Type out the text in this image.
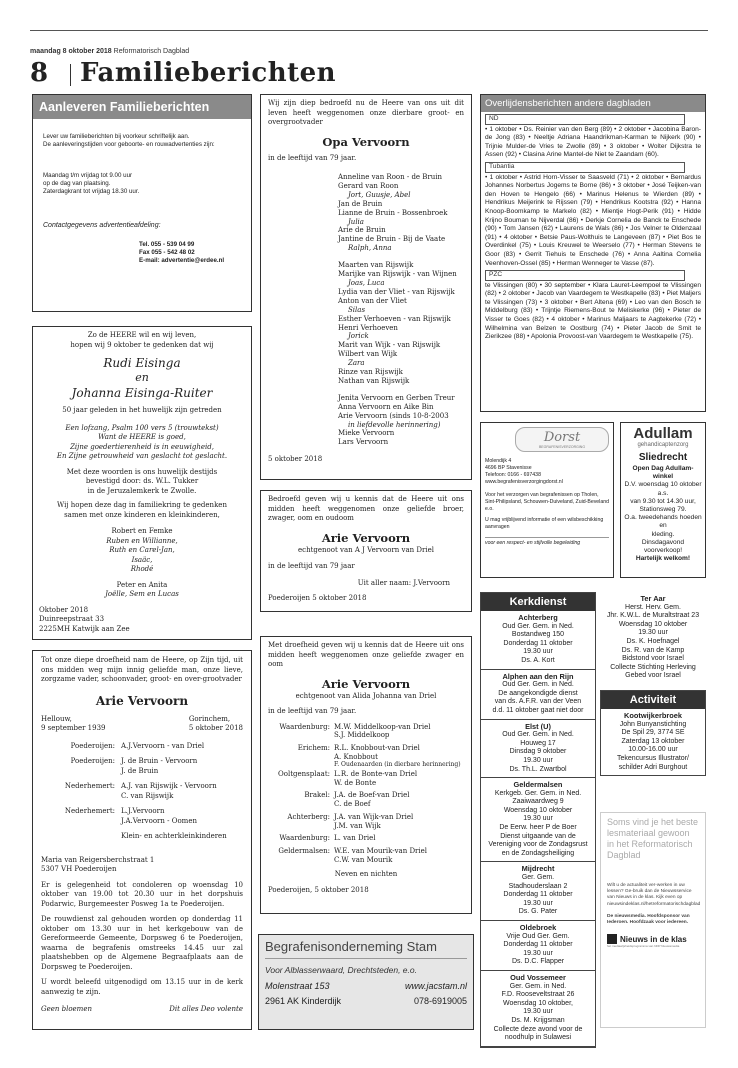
maandag 8 oktober 2018 Reformatorisch Dagblad
8 Familieberichten
Aanleveren Familieberichten
Lever uw familieberichten bij voorkeur schriftelijk aan.
De aanleveringstijden voor geboorte- en rouwadvertenties zijn:
Maandag t/m vrijdag tot 9.00 uur
op de dag van plaatsing.
Zaterdagkrant tot vrijdag 18.30 uur.
Contactgegevens advertentieafdeling:
Tel. 055 - 539 04 99
Fax 055 - 542 48 02
E-mail: advertentie@erdee.nl
Zo de HEERE wil en wij leven,
hopen wij 9 oktober te gedenken dat wij
Rudi Eisinga
en
Johanna Eisinga-Ruiter
50 jaar geleden in het huwelijk zijn getreden
Een lofzang, Psalm 100 vers 5 (trouwtekst)
Want de HEERE is goed,
Zijne goedertierenheid is in eeuwigheid,
En Zijne getrouwheid van geslacht tot geslacht.
Met deze woorden is ons huwelijk destijds
bevestigd door: ds. W.L. Tukker
in de Jeruzalemkerk te Zwolle.
Wij hopen deze dag in familiekring te gedenken
samen met onze kinderen en kleinkinderen,
Robert en Femke
Ruben en Willianne,
Ruth en Carel-Jan,
Isaäc,
Rhodé
Peter en Anita
Joëlle, Sem en Lucas
Oktober 2018
Duinreepstraat 33
2225MH Katwijk aan Zee
Tot onze diepe droefheid nam de Heere, op Zijn tijd, uit ons midden weg mijn innig geliefde man, onze lieve, zorgzame vader, schoonvader, groot- en over-grootvader
Arie Vervoorn
Hellouw,
9 september 1939
Gorinchem,
5 oktober 2018
Poederoijen: A.J.Vervoorn - van Driel
Poederoijen: J. de Bruin - Vervoorn
J. de Bruin
Nederhemert: A.J. van Rijswijk - Vervoorn
C. van Rijswijk
Nederhemert: L.J.Vervoorn
J.A.Vervoorn - Oomen
Klein- en achterkleinkinderen
Maria van Reigersberchstraat 1
5307 VH Poederoijen
Er is gelegenheid tot condoleren op woensdag 10 oktober van 19.00 tot 20.30 uur in het dorpshuis Podarwic, Burgemeester Posweg 1a te Poederoijen.
De rouwdienst zal gehouden worden op donderdag 11 oktober om 13.30 uur in het kerkgebouw van de Gereformeerde Gemeente, Dorpsweg 6 te Poederoijen, waarna de begrafenis omstreeks 14.45 uur zal plaatshebben op de Algemene Begraafplaats aan de Dorpsweg te Poederoijen.
U wordt beleefd uitgenodigd om 13.15 uur in de kerk aanwezig te zijn.
Geen bloemen	Dit alles Deo volente
Wij zijn diep bedroefd nu de Heere van ons uit dit leven heeft weggenomen onze dierbare groot- en overgrootvader
Opa Vervoorn
in de leeftijd van 79 jaar.
Anneline van Roon - de Bruin
Gerard van Roon
Jort, Guusje, Abel
Jan de Bruin
Lianne de Bruin - Bossenbroek
Julia
Arie de Bruin
Jantine de Bruin - Bij de Vaate
Ralph, Anna
Maarten van Rijswijk
Marijke van Rijswijk - van Wijnen
Joas, Luca
Lydia van der Vliet - van Rijswijk
Anton van der Vliet
Silas
Esther Verhoeven - van Rijswijk
Henri Verhoeven
Jorick
Marit van Wijk - van Rijswijk
Wilbert van Wijk
Zara
Rinze van Rijswijk
Nathan van Rijswijk
Jenita Vervoorn en Gerben Treur
Anna Vervoorn en Aike Bin
Arie Vervoorn (sinds 10-8-2003
in liefdevolle herinnering)
Mieke Vervoorn
Lars Vervoorn
5 oktober 2018
Bedroefd geven wij u kennis dat de Heere uit ons midden heeft weggenomen onze geliefde broer, zwager, oom en oudoom
Arie Vervoorn
echtgenoot van A J Vervoorn van Driel
in de leeftijd van 79 jaar
Uit aller naam: J.Vervoorn
Poederoijen 5 oktober 2018
Met droefheid geven wij u kennis dat de Heere uit ons midden heeft weggenomen onze geliefde zwager en oom
Arie Vervoorn
echtgenoot van Alida Johanna van Driel
in de leeftijd van 79 jaar.
Waardenburg: M.W. Middelkoop-van Driel
S.J. Middelkoop
Erichem: R.L. Knobbout-van Driel
A. Knobbout
F. Oudenaarden (in dierbare herinnering)
Ooltgensplaat: L.R. de Bonte-van Driel
W. de Bonte
Brakel: J.A. de Boef-van Driel
C. de Boef
Achterberg: J.A. van Wijk-van Driel
J.M. van Wijk
Waardenburg: L. van Driel
Geldermalsen: W.E. van Mourik-van Driel
C.W. van Mourik
Neven en nichten
Poederoijen, 5 oktober 2018
Begrafenisonderneming Stam
Voor Alblasserwaard, Drechtsteden, e.o.
Molenstraat 153	www.jacstam.nl
2961 AK Kinderdijk	078-6919005
Overlijdensberichten andere dagbladen
ND

• 1 oktober • Ds. Reinier van den Berg (89) • 2 oktober • Jacobina Baron-de Jong (83) • Neeltje Adriana Haandrikman-Karman te Nijkerk (90) • Trijnie Mulder-de Vries te Zwolle (89) • 3 oktober • Wolter Dijkstra te Assen (92) • Clasina Arine Mantel-de Niet te Zaandam (60).

Tubantia

• 1 oktober • Astrid Horn-Visser te Saasveld (71) • 2 oktober • Bernardus Johannes Norbertus Jogems te Borne (86) • 3 oktober • José Teijken-van den Hoven te Hengelo (66) • Marinus Helenus te Wierden (89) • Hendrikus Meijerink te Rijssen (79) • Hendrikus Kootstra (92) • Hanna Knoop-Boomkamp te Markelo (82) • Mientje Hogt-Perik (91) • Hidde Krijno Bouman te Nijverdal (86) • Derkje Cornelia de Banck te Enschede (90) • Tom Jansen (62) • Laurens de Wals (86) • Jos Velner te Oldenzaal (91) • 4 oktober • Betsie Paus-Wolthuis te Langeveen (87) • Piet Bos te Overdinkel (75) • Louis Kreuwel te Weerselo (77) • Herman Stevens te Goor (83) • Gerrit Tiehuis te Enschede (76) • Anna Aaltina Cornelia Veenhoven-Ossel (85) • Herman Wenneger te Vasse (87).

PZC

te Vlissingen (80) • 30 september • Klara Lauret-Leempoel te Vlissingen (82) • 2 oktober • Jacob van Vaardegem te Westkapelle (83) • Piet Maljers te Vlissingen (73) • 3 oktober • Bert Altena (69) • Leo van den Bosch te Middelburg (83) • Trijntje Riemens-Bout te Meliskerke (96) • Pieter de Visser te Goes (82) • 4 oktober • Marinus Maljaars te Aagtekerke (72) • Wilhelmina van Belzen te Oostburg (74) • Pieter Jacob de Smit te Zierikzee (88) • Apolonia Provoost-van Vaardegem te Westkapelle (75).

Dorst
BEGRAFENISVERZORGING
Molendijk 4
4696 BP Stavenisse
Telefoon: 0166 - 697438
www.begrafenisverzorgingdorst.nl
Voor het verzorgen van begrafenissen op Tholen, Sint-Philipsland, Schouwen-Duiveland, Zuid-Beveland e.o.
U mag vrijblijvend informatie of een wilsbeschikking aanvragen
voor een respect- en stijlvolle begeleiding
Adullam
gehandicaptenzorg
Sliedrecht
Open Dag Adullam-winkel
D.V. woensdag 10 oktober a.s.
van 9.30 tot 14.30 uur,
Stationsweg 79.
O.a. tweedehands hoeden en
kleding.
Dinsdagavond voorverkoop!
Hartelijk welkom!
Kerkdienst
Achterberg
Oud Ger. Gem. in Ned.
Bostandweg 150
Donderdag 11 oktober
19.30 uur
Ds. A. Kort
Alphen aan den Rijn
Oud Ger. Gem. in Ned.
De aangekondigde dienst
van ds. A.F.R. van der Veen
d.d. 11 oktober gaat niet door
Elst (U)
Oud Ger. Gem. in Ned.
Houweg 17
Dinsdag 9 oktober
19.30 uur
Ds. Th.L. Zwartbol
Geldermalsen
Kerkgeb. Ger. Gem. in Ned.
Zaaiwaardweg 9
Woensdag 10 oktober
19.30 uur
De Eerw. heer P de Boer
Dienst uitgaande van de
Vereniging voor de Zondagsrust
en de Zondagsheiliging
Mijdrecht
Ger. Gem.
Stadhouderslaan 2
Donderdag 11 oktober
19.30 uur
Ds. G. Pater
Oldebroek
Vrije Oud Ger. Gem.
Donderdag 11 oktober
19.30 uur
Ds. D.C. Flapper
Oud Vossemeer
Ger. Gem. in Ned.
F.D. Rooseveltstraat 26
Woensdag 10 oktober,
19.30 uur
Ds. M. Krijgsman
Collecte deze avond voor de
noodhulp in Sulawesi
Ter Aar
Herst. Herv. Gem.
Jhr. K.W.L. de Muraltstraat 23
Woensdag 10 oktober
19.30 uur
Ds. K. Hoefnagel
Ds. R. van de Kamp
Bidstond voor Israel
Collecte Stichting Herleving
Gebed voor Israel
Activiteit
Kootwijkerbroek
John Bunyanstichting
De Spil 29, 3774 SE
Zaterdag 13 oktober
10.00-16.00 uur
Tekencursus Illustrator/
schilder Adri Burghout
Soms vind je het beste lesmateriaal gewoon in het Reformatorisch Dagblad
Wilt u de actualiteit ver-werken in uw lessen? Ge-bruik dan de Nieuwsservice van Nieuws in de klas. Kijk even op nieuwsindeklas.nl/hetreformatorischdagblad
De nieuwsmedia. Hoofdsponsor van Iederoen. Hoofdzaak voor iedereen.
Nieuws in de klas
het mediawijsheidsprogramma van NDP Nieuwsmedia
